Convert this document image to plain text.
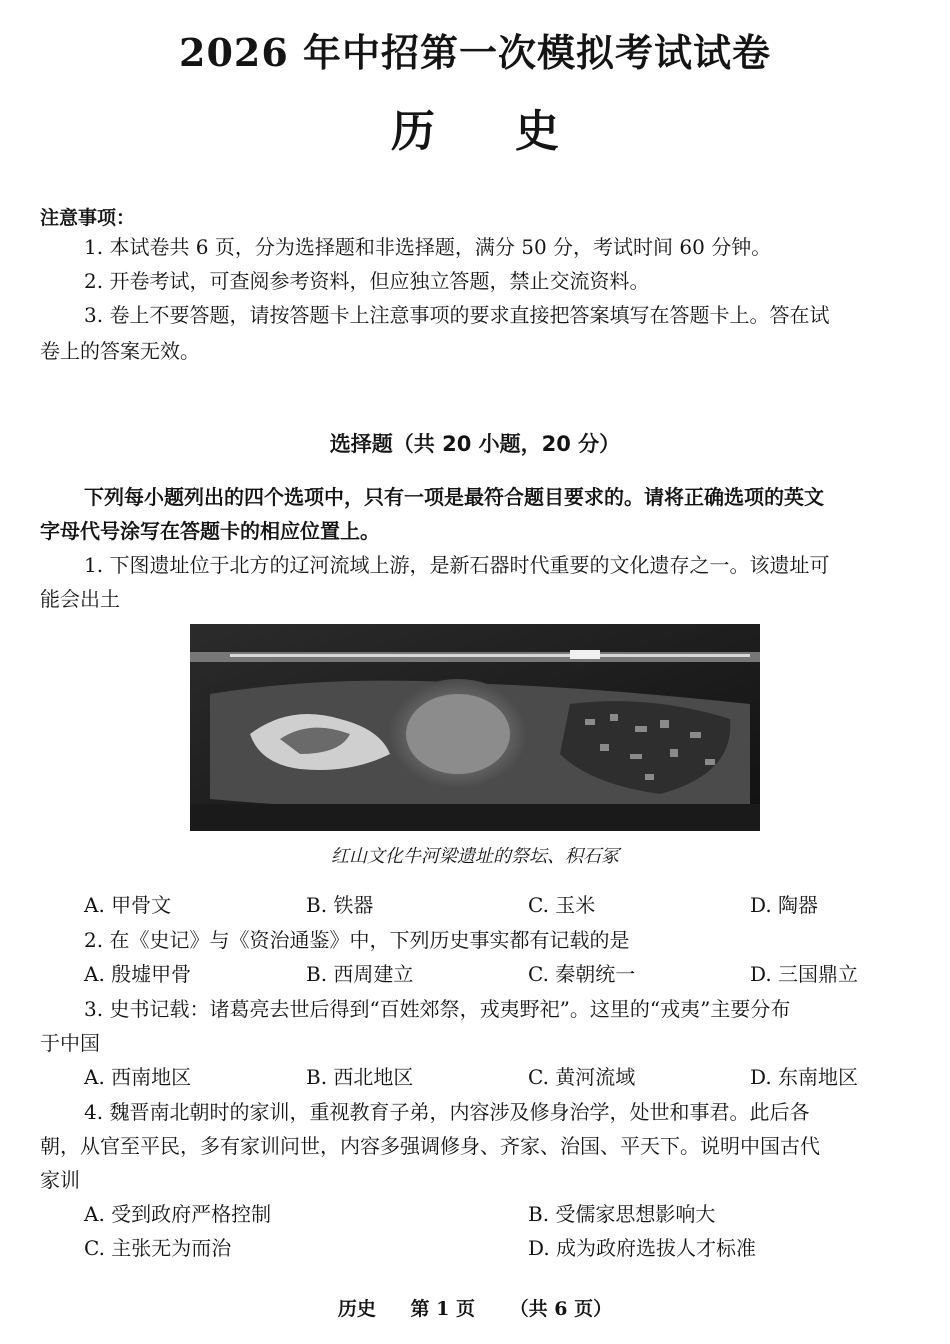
2026 年中招第一次模拟考试试卷
历史
注意事项：
1. 本试卷共 6 页，分为选择题和非选择题，满分 50 分，考试时间 60 分钟。
2. 开卷考试，可查阅参考资料，但应独立答题，禁止交流资料。
3. 卷上不要答题，请按答题卡上注意事项的要求直接把答案填写在答题卡上。答在试
卷上的答案无效。
选择题（共 20 小题，20 分）
下列每小题列出的四个选项中，只有一项是最符合题目要求的。请将正确选项的英文
字母代号涂写在答题卡的相应位置上。
1. 下图遗址位于北方的辽河流域上游，是新石器时代重要的文化遗存之一。该遗址可
能会出土
红山文化牛河梁遗址的祭坛、积石冢
A. 甲骨文	B. 铁器	C. 玉米	D. 陶器
2. 在《史记》与《资治通鉴》中，下列历史事实都有记载的是
A. 殷墟甲骨	B. 西周建立	C. 秦朝统一	D. 三国鼎立
3. 史书记载：诸葛亮去世后得到“百姓郊祭，戎夷野祀”。这里的“戎夷”主要分布
于中国
A. 西南地区	B. 西北地区	C. 黄河流域	D. 东南地区
4. 魏晋南北朝时的家训，重视教育子弟，内容涉及修身治学，处世和事君。此后各
朝，从官至平民，多有家训问世，内容多强调修身、齐家、治国、平天下。说明中国古代
家训
A. 受到政府严格控制	B. 受儒家思想影响大
C. 主张无为而治	D. 成为政府选拔人才标准
历史 第 1 页 （共 6 页）
